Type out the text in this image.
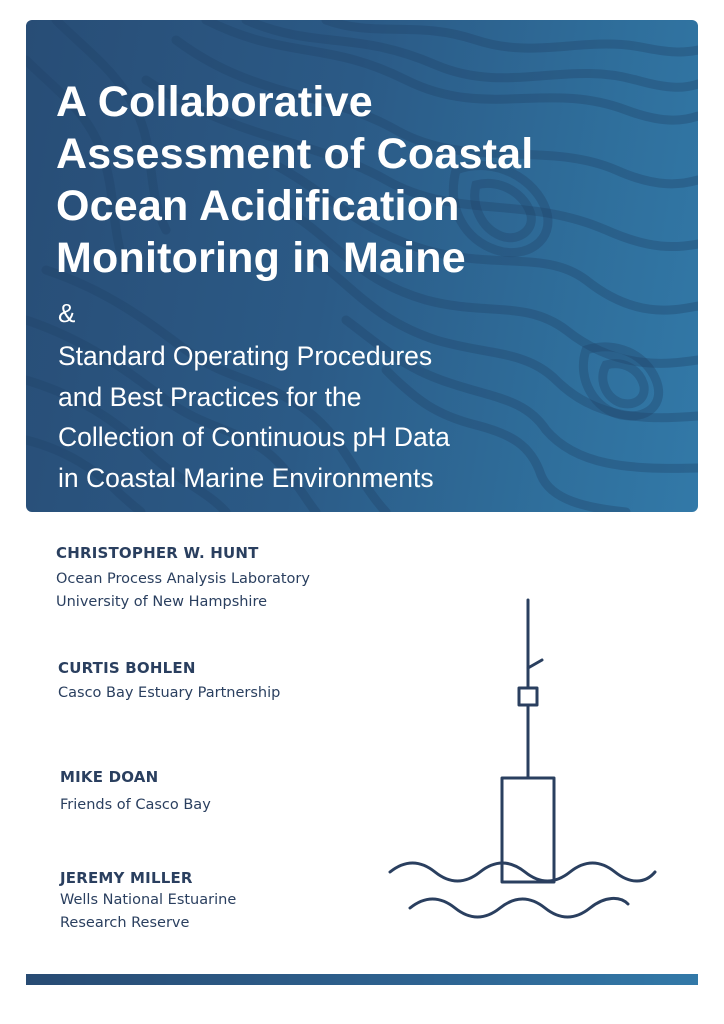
A Collaborative
Assessment of Coastal
Ocean Acidification
Monitoring in Maine
&
Standard Operating Procedures
and Best Practices for the
Collection of Continuous pH Data
in Coastal Marine Environments
CHRISTOPHER W. HUNT
Ocean Process Analysis Laboratory
University of New Hampshire
CURTIS BOHLEN
Casco Bay Estuary Partnership
MIKE DOAN
Friends of Casco Bay
JEREMY MILLER
Wells National Estuarine
Research Reserve
